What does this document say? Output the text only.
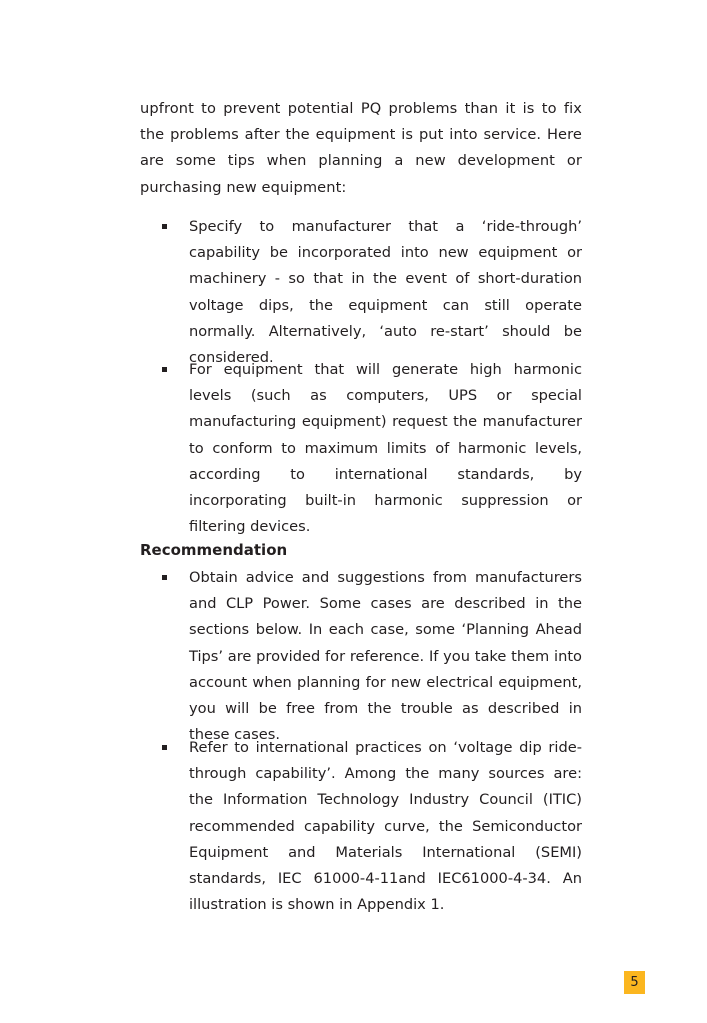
upfront to prevent potential PQ problems than it is to fix the problems after the equipment is put into service. Here are some tips when planning a new development or purchasing new equipment:

Specify to manufacturer that a ‘ride-through’ capability be incorporated into new equipment or machinery - so that in the event of short-duration voltage dips, the equipment can still operate normally. Alternatively, ‘auto re-start’ should be considered.
For equipment that will generate high harmonic levels (such as computers, UPS or special manufacturing equipment) request the manufacturer to conform to maximum limits of harmonic levels, according to international standards, by incorporating built-in harmonic suppression or filtering devices.
Recommendation
Obtain advice and suggestions from manufacturers and CLP Power. Some cases are described in the sections below. In each case, some ‘Planning Ahead Tips’ are provided for reference. If you take them into account when planning for new electrical equipment, you will be free from the trouble as described in these cases.
Refer to international practices on ‘voltage dip ride-through capability’. Among the many sources are: the Information Technology Industry Council (ITIC) recommended capability curve, the Semiconductor Equipment and Materials International (SEMI) standards, IEC 61000-4-11and IEC61000-4-34. An illustration is shown in Appendix 1.
5
